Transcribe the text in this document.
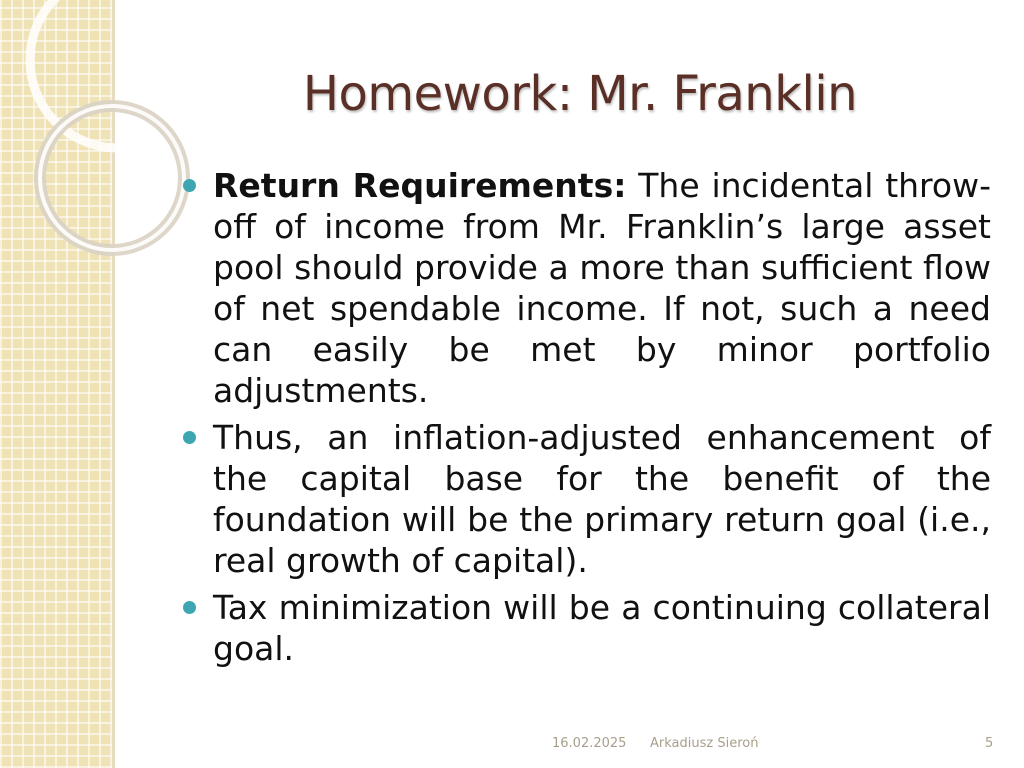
Homework: Mr. Franklin
Return Requirements: The incidental throw-off of income from Mr. Franklin’s large asset pool should provide a more than sufficient flow of net spendable income. If not, such a need can easily be met by minor portfolio adjustments.
Thus, an inflation-adjusted enhancement of the capital base for the benefit of the foundation will be the primary return goal (i.e., real growth of capital).
Tax minimization will be a continuing collateral goal.
16.02.2025 Arkadiusz Sieroń	5
